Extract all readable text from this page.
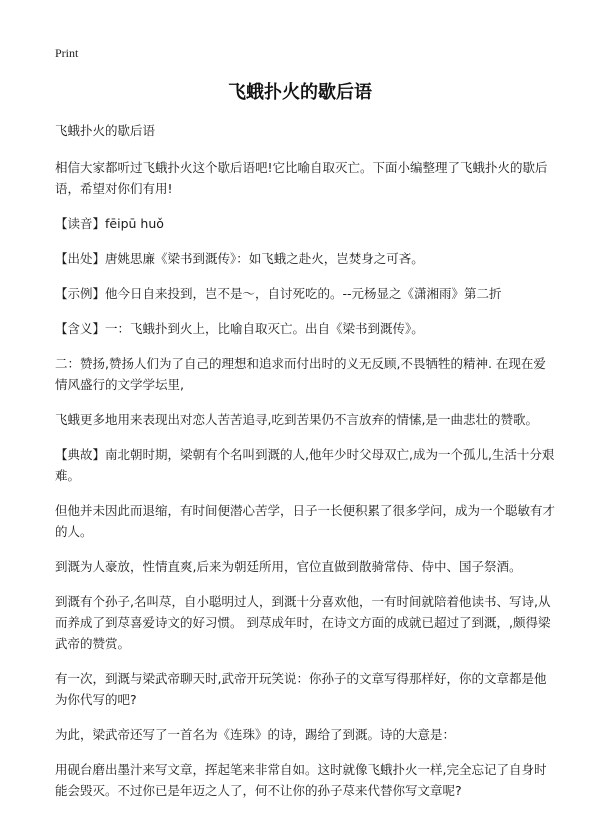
Print
飞蛾扑火的歇后语

飞蛾扑火的歇后语

相信大家都听过飞蛾扑火这个歇后语吧!它比喻自取灭亡。下面小编整理了飞蛾扑火的歇后语，希望对你们有用!

【读音】fēipū huǒ

【出处】唐姚思廉《梁书到溉传》：如飞蛾之赴火，岂焚身之可吝。

【示例】他今日自来投到，岂不是～，自讨死吃的。--元杨显之《潇湘雨》第二折

【含义】一：飞蛾扑到火上，比喻自取灭亡。出自《梁书到溉传》。

二：赞扬,赞扬人们为了自己的理想和追求而付出时的义无反顾,不畏牺牲的精神. 在现在爱情风盛行的文学学坛里,

飞蛾更多地用来表现出对恋人苦苦追寻,吃到苦果仍不言放弃的情愫,是一曲悲壮的赞歌。

【典故】南北朝时期，梁朝有个名叫到溉的人,他年少时父母双亡,成为一个孤儿,生活十分艰难。

但他并未因此而退缩，有时间便潜心苦学，日子一长便积累了很多学问，成为一个聪敏有才的人。

到溉为人豪放，性情直爽,后来为朝廷所用，官位直做到散骑常侍、侍中、国子祭酒。

到溉有个孙子,名叫荩，自小聪明过人，到溉十分喜欢他，一有时间就陪着他读书、写诗,从而养成了到荩喜爱诗文的好习惯。 到荩成年时，在诗文方面的成就已超过了到溉，,颇得梁武帝的赞赏。

有一次，到溉与梁武帝聊天时,武帝开玩笑说：你孙子的文章写得那样好，你的文章都是他为你代写的吧?

为此，梁武帝还写了一首名为《连珠》的诗，踢给了到溉。诗的大意是：

用砚台磨出墨汁来写文章，挥起笔来非常自如。这时就像飞蛾扑火一样,完全忘记了自身时能会毁灭。不过你已是年迈之人了，何不让你的孙子荩来代替你写文章呢?
